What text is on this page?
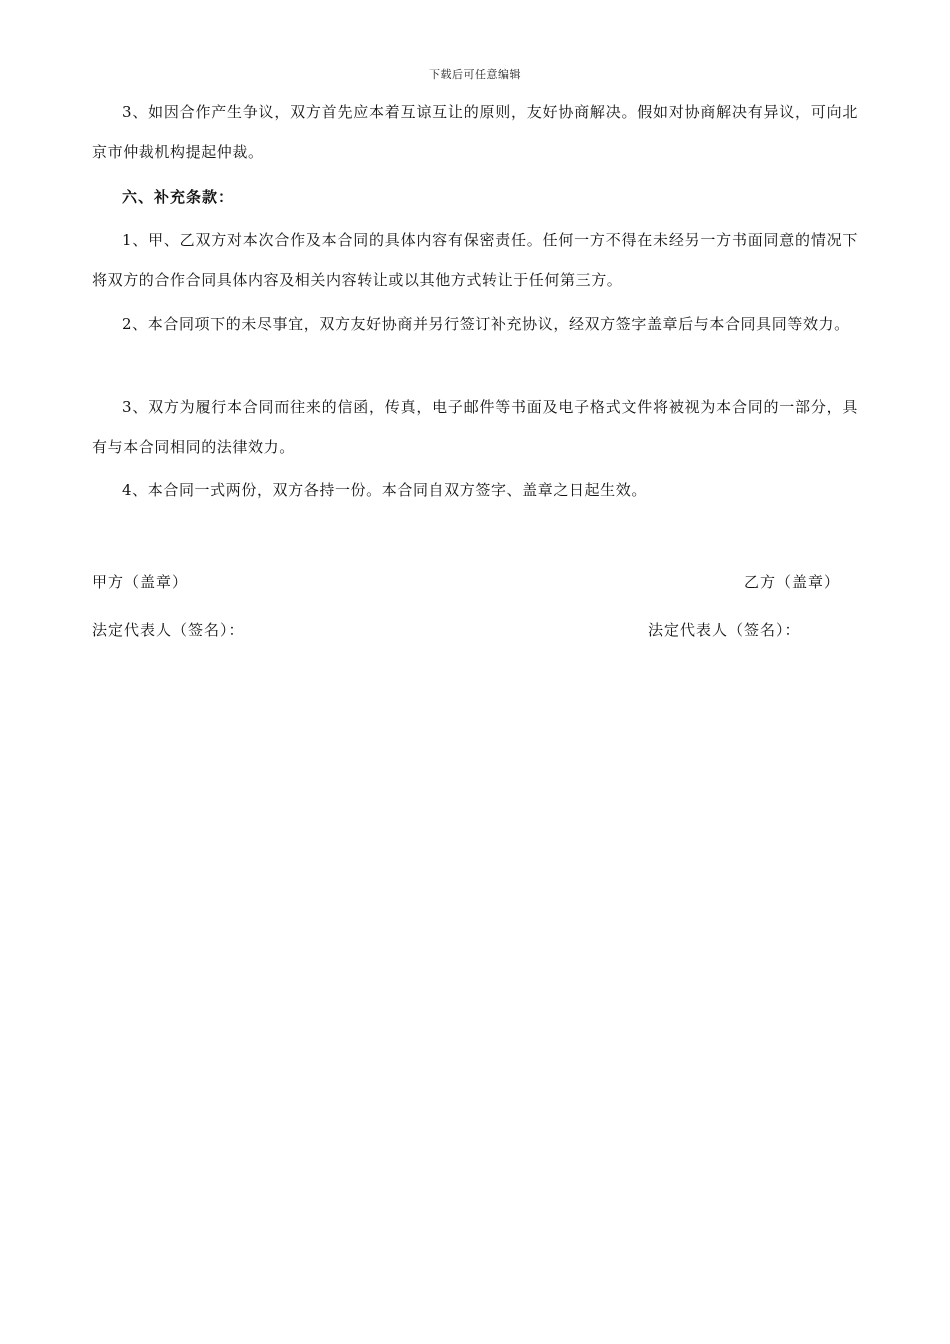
下载后可任意编辑
3、如因合作产生争议，双方首先应本着互谅互让的原则，友好协商解决。假如对协商解决有异议，可向北京市仲裁机构提起仲裁。
六、补充条款：
1、甲、乙双方对本次合作及本合同的具体内容有保密责任。任何一方不得在未经另一方书面同意的情况下将双方的合作合同具体内容及相关内容转让或以其他方式转让于任何第三方。
2、本合同项下的未尽事宜，双方友好协商并另行签订补充协议，经双方签字盖章后与本合同具同等效力。
3、双方为履行本合同而往来的信函，传真，电子邮件等书面及电子格式文件将被视为本合同的一部分，具有与本合同相同的法律效力。
4、本合同一式两份，双方各持一份。本合同自双方签字、盖章之日起生效。
甲方（盖章）	乙方（盖章）
法定代表人（签名）：	法定代表人（签名）：
